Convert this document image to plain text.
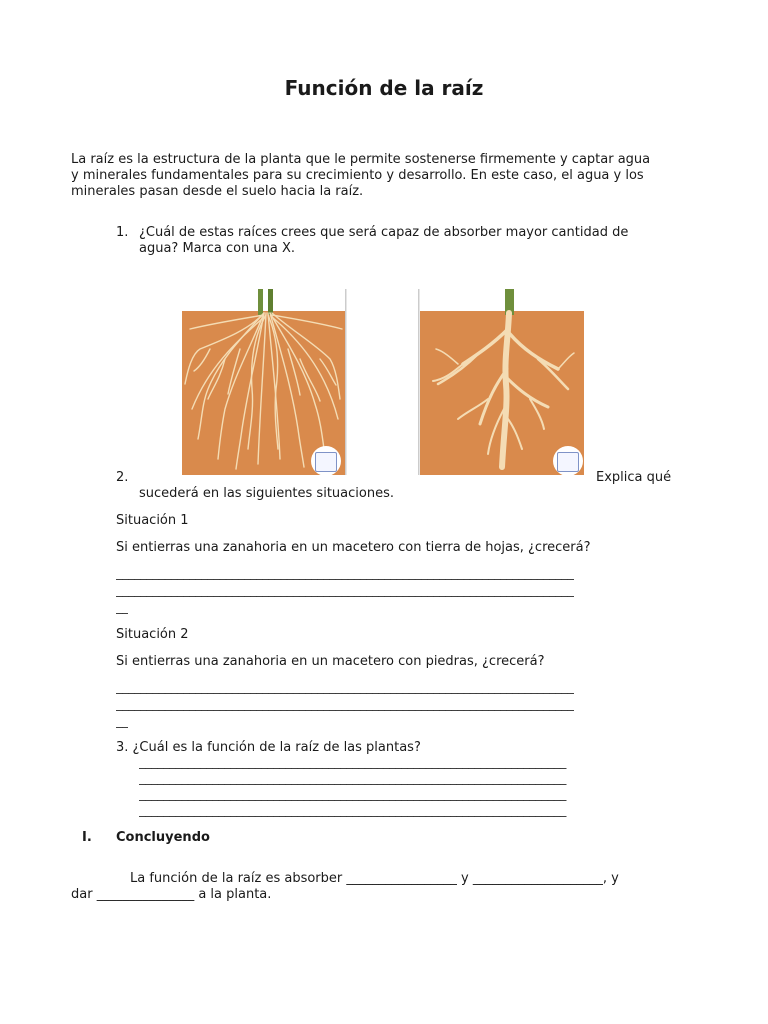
Función de la raíz
La raíz es la estructura de la planta que le permite sostenerse firmemente y captar agua
y minerales fundamentales para su crecimiento y desarrollo. En este caso, el agua y los
minerales pasan desde el suelo hacia la raíz.
1. ¿Cuál de estas raíces crees que será capaz de absorber mayor cantidad de
agua? Marca con una X.
2.	Explica qué
sucederá en las siguientes situaciones.
Situación 1
Si entierras una zanahoria en un macetero con tierra de hojas, ¿crecerá?
___________________________________________________________________________
___________________________________________________________________________
__
Situación 2
Si entierras una zanahoria en un macetero con piedras, ¿crecerá?
___________________________________________________________________________
___________________________________________________________________________
__
3. ¿Cuál es la función de la raíz de las plantas?
______________________________________________________________________
______________________________________________________________________
______________________________________________________________________
______________________________________________________________________
I. Concluyendo
La función de la raíz es absorber _________________ y ____________________, y
dar _______________ a la planta.
